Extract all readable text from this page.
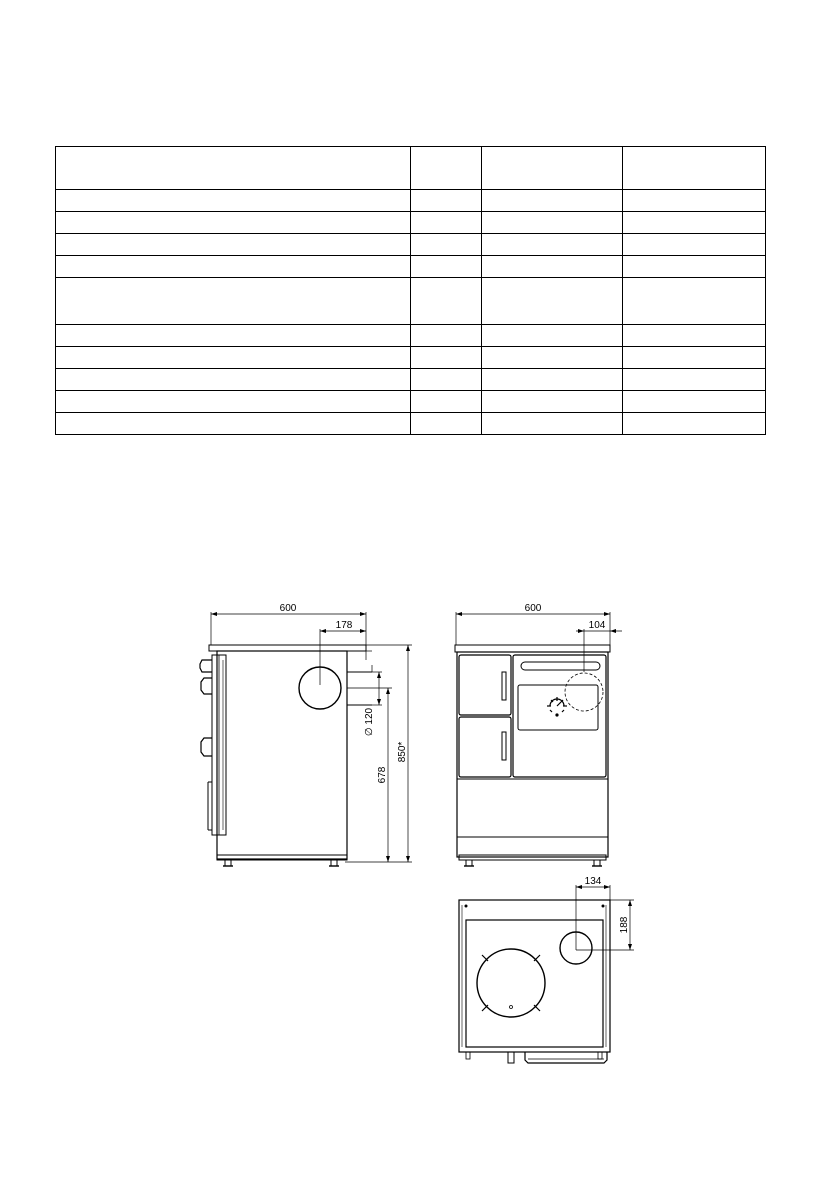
600
178
∅ 120
678
850*
600
104
134
188
